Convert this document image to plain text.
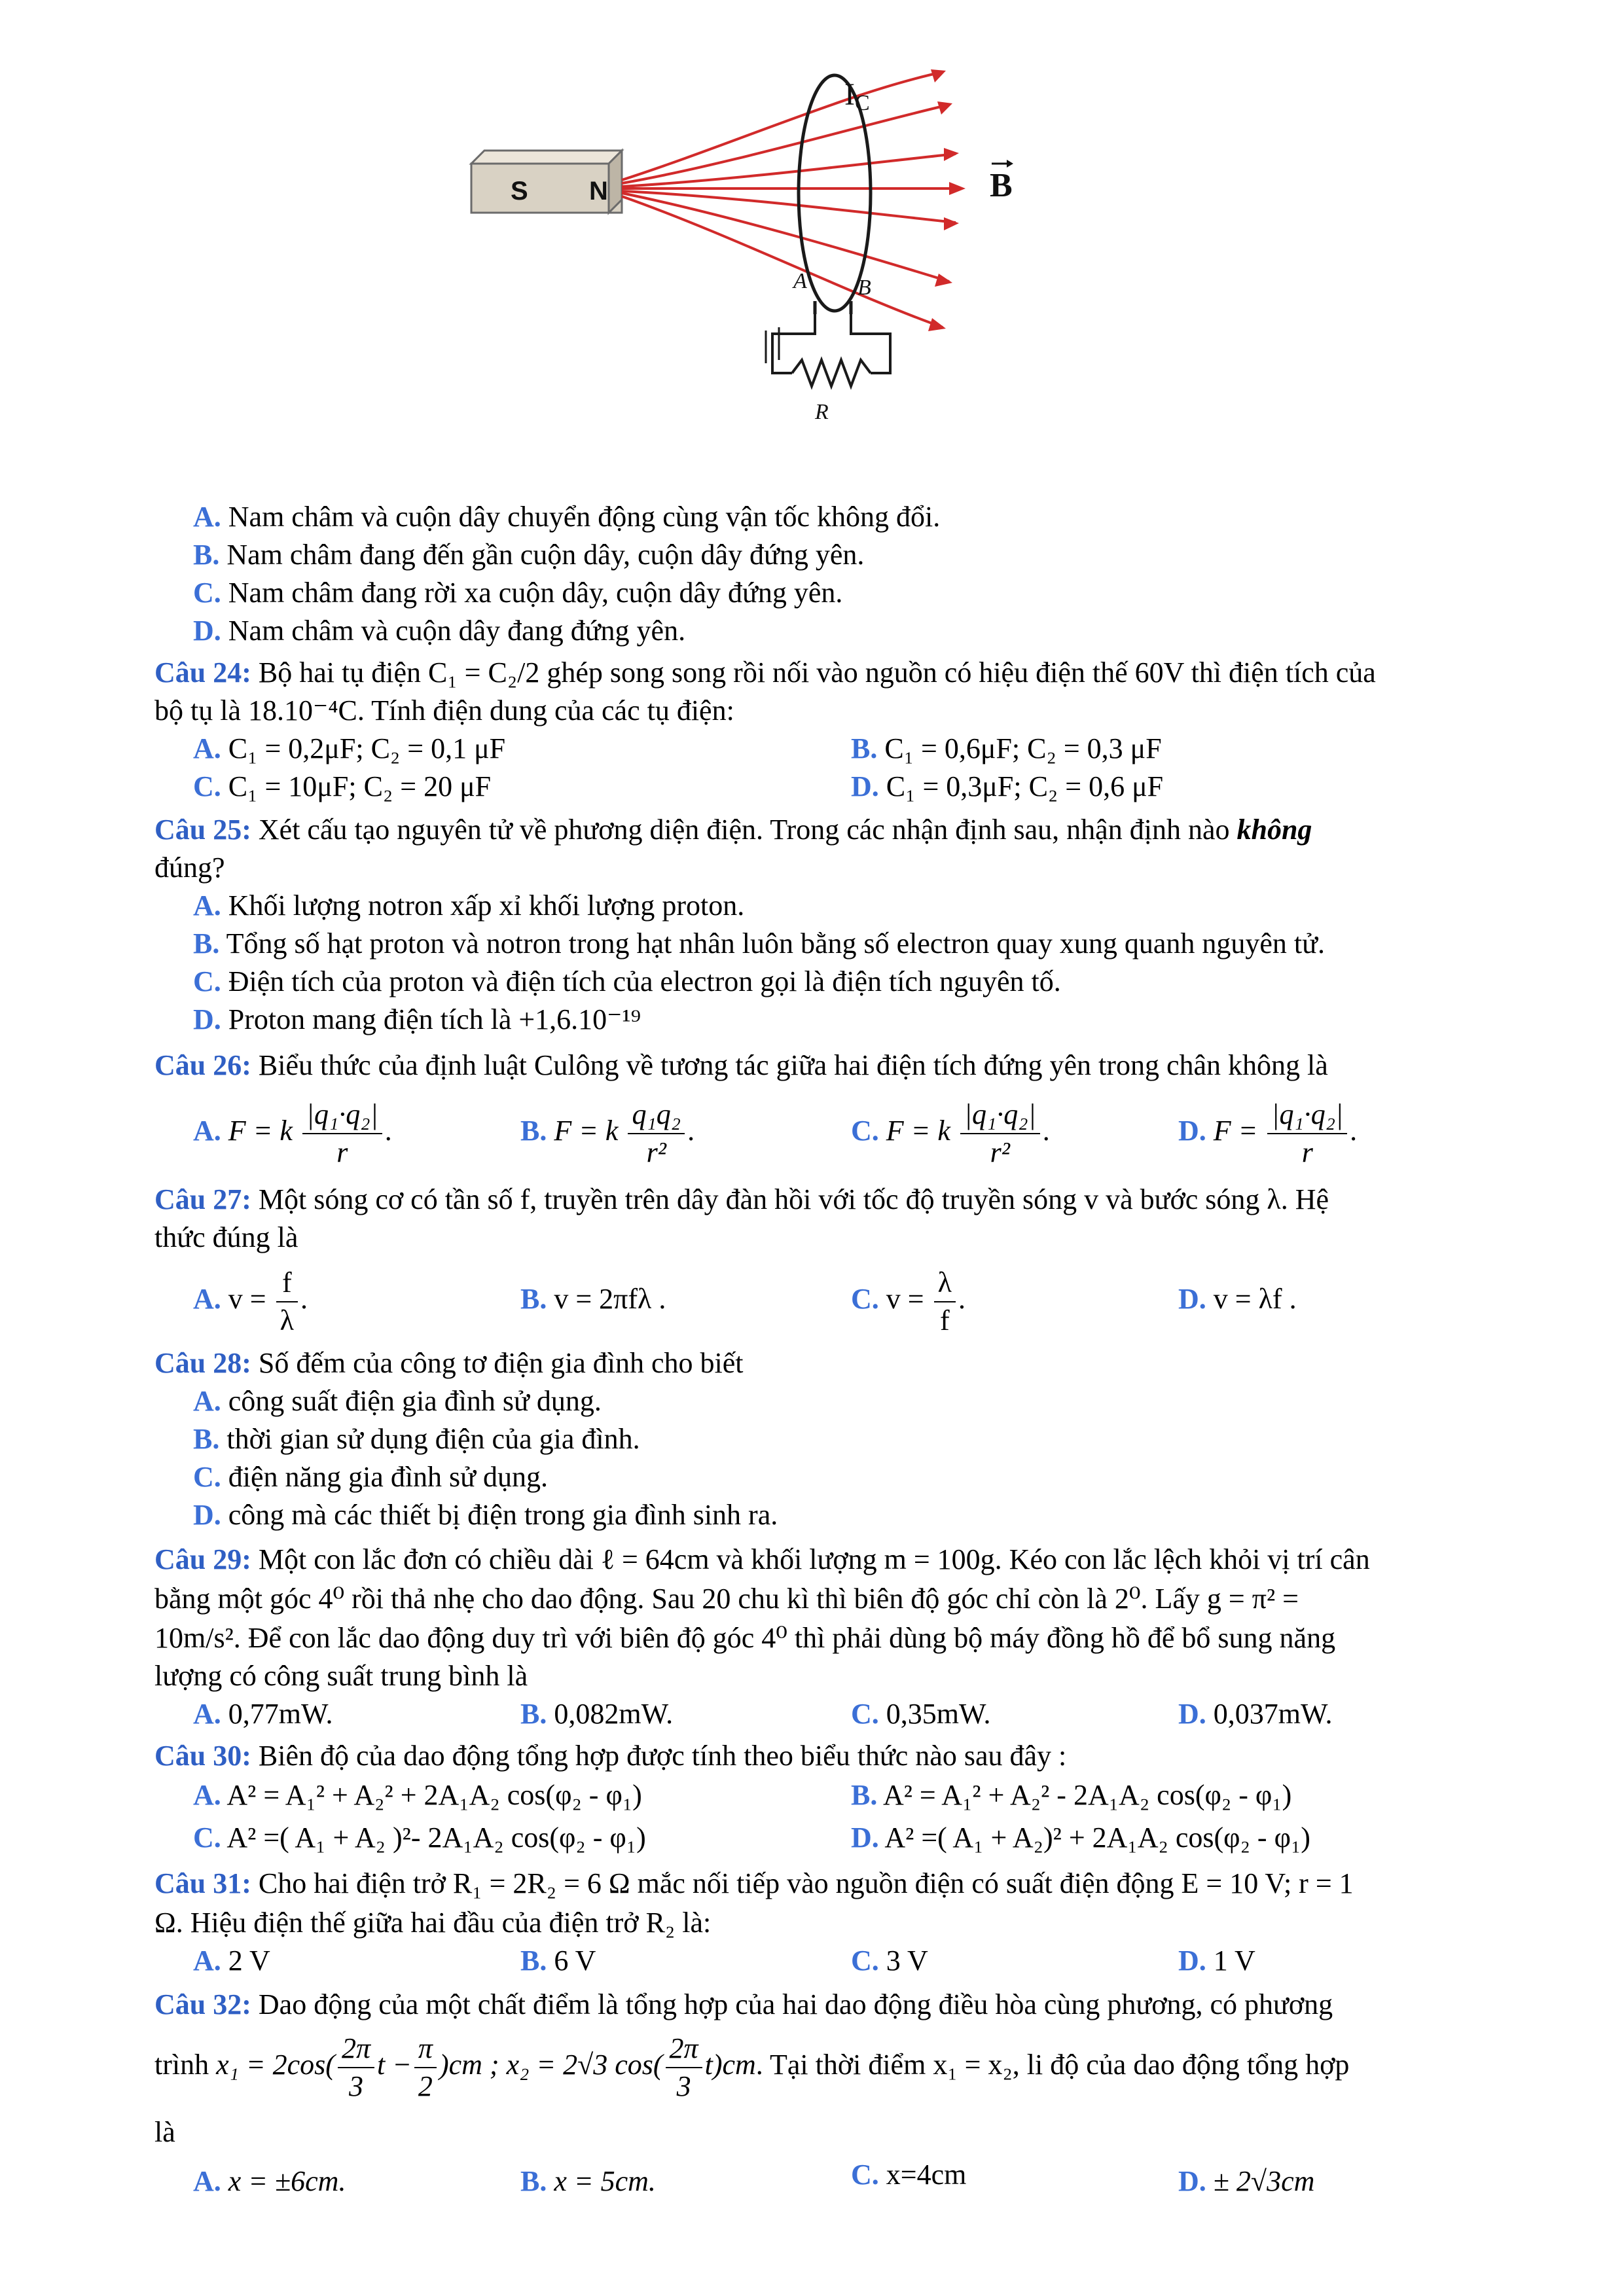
S N
IC
B
A B
R
A. Nam châm và cuộn dây chuyển động cùng vận tốc không đổi.
B. Nam châm đang đến gần cuộn dây, cuộn dây đứng yên.
C. Nam châm đang rời xa cuộn dây, cuộn dây đứng yên.
D. Nam châm và cuộn dây đang đứng yên.
Câu 24: Bộ hai tụ điện C₁ = C₂/2 ghép song song rồi nối vào nguồn có hiệu điện thế 60V thì điện tích của
bộ tụ là 18.10⁻⁴C. Tính điện dung của các tụ điện:
A. C₁ = 0,2μF; C₂ = 0,1 μF	B. C₁ = 0,6μF; C₂ = 0,3 μF
C. C₁ = 10μF; C₂ = 20 μF	D. C₁ = 0,3μF; C₂ = 0,6 μF
Câu 25: Xét cấu tạo nguyên tử về phương diện điện. Trong các nhận định sau, nhận định nào không
đúng?
A. Khối lượng notron xấp xỉ khối lượng proton.
B. Tổng số hạt proton và notron trong hạt nhân luôn bằng số electron quay xung quanh nguyên tử.
C. Điện tích của proton và điện tích của electron gọi là điện tích nguyên tố.
D. Proton mang điện tích là +1,6.10⁻¹⁹
Câu 26: Biểu thức của định luật Culông về tương tác giữa hai điện tích đứng yên trong chân không là
A. F = k $\frac{\text{|q₁·q₂|}}{r}$ .	B. F = k $\frac{\text{q₁q₂}}{\text{r²}}$ .	C. F = k $\frac{\text{|q₁·q₂|}}{\text{r²}}$ .	D. $F = \frac{\text{|q₁·q₂|}}{r}$ .
Câu 27: Một sóng cơ có tần số f, truyền trên dây đàn hồi với tốc độ truyền sóng v và bước sóng λ. Hệ
thức đúng là
A. $v = \frac{f}{\lambda}$ .	B. v = 2πfλ .	C. $v = \frac{\lambda}{f}$ .	D. v = λf .
Câu 28: Số đếm của công tơ điện gia đình cho biết
A. công suất điện gia đình sử dụng.
B. thời gian sử dụng điện của gia đình.
C. điện năng gia đình sử dụng.
D. công mà các thiết bị điện trong gia đình sinh ra.
Câu 29: Một con lắc đơn có chiều dài ℓ = 64cm và khối lượng m = 100g. Kéo con lắc lệch khỏi vị trí cân
bằng một góc 4⁰ rồi thả nhẹ cho dao động. Sau 20 chu kì thì biên độ góc chỉ còn là 2⁰. Lấy g = π² =
10m/s². Để con lắc dao động duy trì với biên độ góc 4⁰ thì phải dùng bộ máy đồng hồ để bổ sung năng
lượng có công suất trung bình là
A. 0,77mW.	B. 0,082mW.	C. 0,35mW.	D. 0,037mW.
Câu 30: Biên độ của dao động tổng hợp được tính theo biểu thức nào sau đây :
A. A² = A₁² + A₂² + 2A₁A₂ cos(φ₂ - φ₁)	B. A² = A₁² + A₂² - 2A₁A₂ cos(φ₂ - φ₁)
C. A² =( A₁ + A₂ )²- 2A₁A₂ cos(φ₂ - φ₁)	D. A² =( A₁ + A₂)² + 2A₁A₂ cos(φ₂ - φ₁)
Câu 31: Cho hai điện trở R₁ = 2R₂ = 6 Ω mắc nối tiếp vào nguồn điện có suất điện động E = 10 V; r = 1
Ω. Hiệu điện thế giữa hai đầu của điện trở R₂ là:
A. 2 V	B. 6 V	C. 3 V	D. 1 V
Câu 32: Dao động của một chất điểm là tổng hợp của hai dao động điều hòa cùng phương, có phương
trình $x_1 = 2\cos( \frac{2\pi}{3}$ $t - \frac{\pi}{2} )cm$ ; x₂ = 2√3 $\cos( \frac{2\pi}{3} t)cm$. Tại thời điểm x₁ = x₂, li độ của dao động tổng hợp
là
A. x = ±6cm.	B. x = 5cm.	C. x=4cm	D. ± 2√3cm
